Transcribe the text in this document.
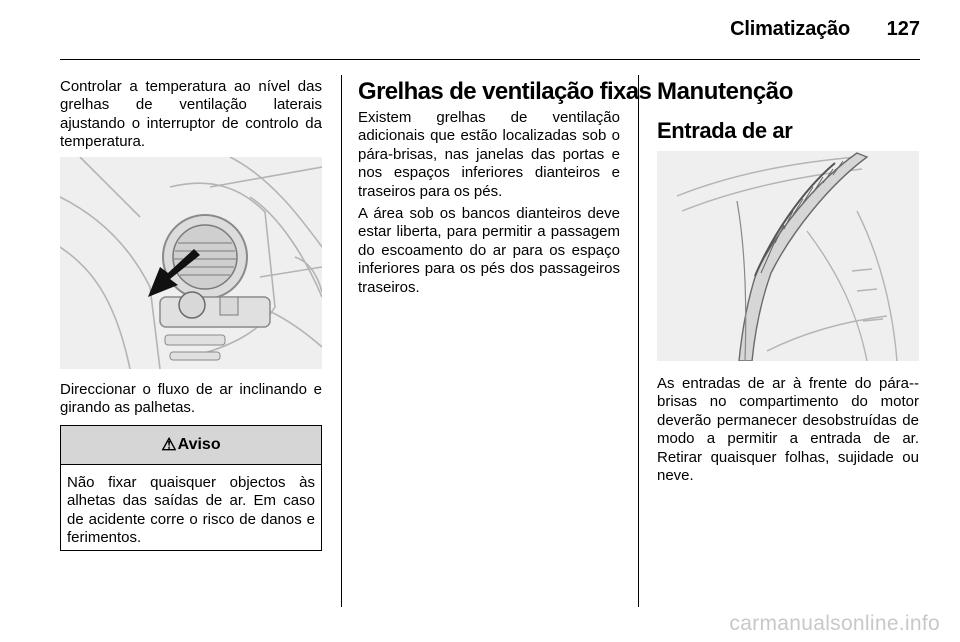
Climatização	127
Controlar a temperatura ao nível das grelhas de ventilação laterais ajustando o interruptor de controlo da temperatura.
Direccionar o fluxo de ar inclinando e girando as palhetas.
⚠ Aviso
Não fixar quaisquer objectos às alhetas das saídas de ar. Em caso de acidente corre o risco de danos e ferimentos.
Grelhas de ventilação fixas
Existem grelhas de ventilação adicionais que estão localizadas sob o pára-brisas, nas janelas das portas e nos espaços inferiores dianteiros e traseiros para os pés.
A área sob os bancos dianteiros deve estar liberta, para permitir a passagem do escoamento do ar para os espaço inferiores para os pés dos passageiros traseiros.
Manutenção
Entrada de ar
As entradas de ar à frente do pára-brisas no compartimento do motor deverão permanecer desobstruídas de modo a permitir a entrada de ar. Retirar quaisquer folhas, sujidade ou neve.
carmanualsonline.info
